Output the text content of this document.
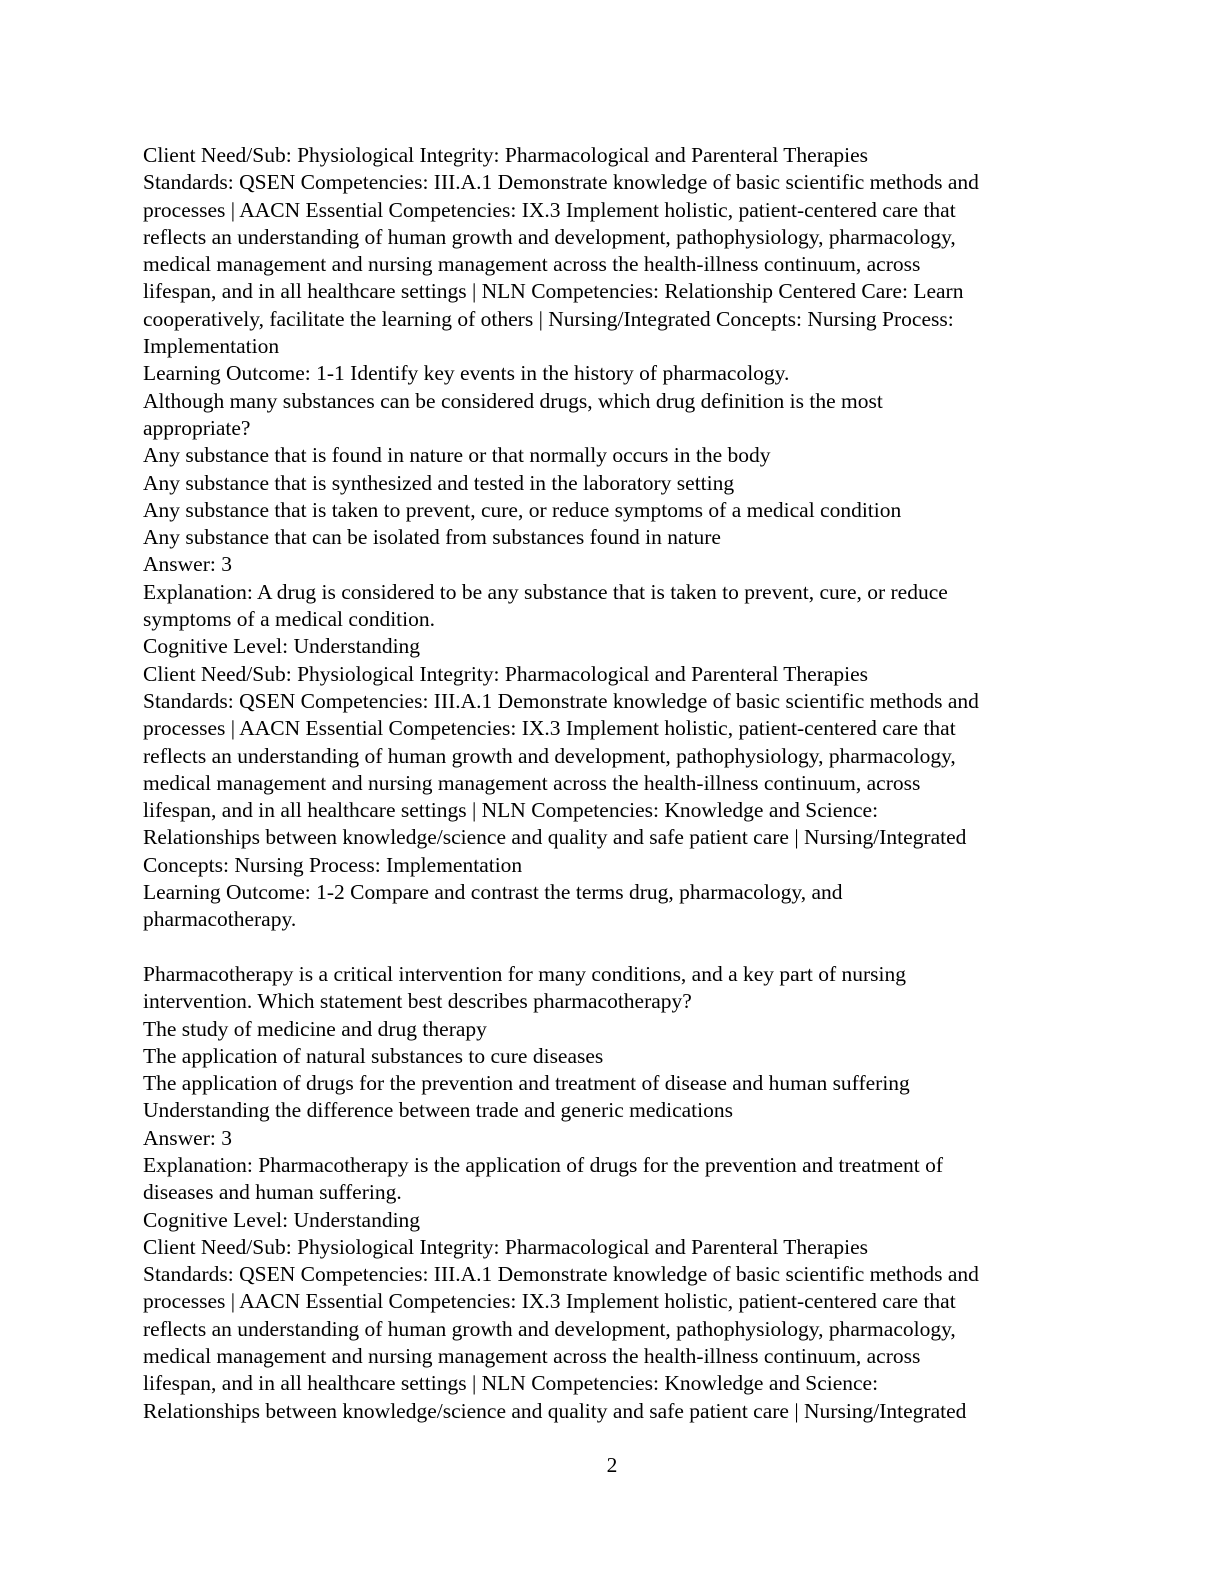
Client Need/Sub: Physiological Integrity: Pharmacological and Parenteral Therapies

Standards: QSEN Competencies: III.A.1 Demonstrate knowledge of basic scientific methods and

processes | AACN Essential Competencies: IX.3 Implement holistic, patient-centered care that

reflects an understanding of human growth and development, pathophysiology, pharmacology,

medical management and nursing management across the health-illness continuum, across

lifespan, and in all healthcare settings | NLN Competencies: Relationship Centered Care: Learn

cooperatively, facilitate the learning of others | Nursing/Integrated Concepts: Nursing Process:

Implementation

Learning Outcome: 1-1 Identify key events in the history of pharmacology.

Although many substances can be considered drugs, which drug definition is the most

appropriate?

Any substance that is found in nature or that normally occurs in the body

Any substance that is synthesized and tested in the laboratory setting

Any substance that is taken to prevent, cure, or reduce symptoms of a medical condition

Any substance that can be isolated from substances found in nature

Answer: 3

Explanation: A drug is considered to be any substance that is taken to prevent, cure, or reduce

symptoms of a medical condition.

Cognitive Level: Understanding

Client Need/Sub: Physiological Integrity: Pharmacological and Parenteral Therapies

Standards: QSEN Competencies: III.A.1 Demonstrate knowledge of basic scientific methods and

processes | AACN Essential Competencies: IX.3 Implement holistic, patient-centered care that

reflects an understanding of human growth and development, pathophysiology, pharmacology,

medical management and nursing management across the health-illness continuum, across

lifespan, and in all healthcare settings | NLN Competencies: Knowledge and Science:

Relationships between knowledge/science and quality and safe patient care | Nursing/Integrated

Concepts: Nursing Process: Implementation

Learning Outcome: 1-2 Compare and contrast the terms drug, pharmacology, and

pharmacotherapy.

Pharmacotherapy is a critical intervention for many conditions, and a key part of nursing

intervention. Which statement best describes pharmacotherapy?

The study of medicine and drug therapy

The application of natural substances to cure diseases

The application of drugs for the prevention and treatment of disease and human suffering

Understanding the difference between trade and generic medications

Answer: 3

Explanation: Pharmacotherapy is the application of drugs for the prevention and treatment of

diseases and human suffering.

Cognitive Level: Understanding

Client Need/Sub: Physiological Integrity: Pharmacological and Parenteral Therapies

Standards: QSEN Competencies: III.A.1 Demonstrate knowledge of basic scientific methods and

processes | AACN Essential Competencies: IX.3 Implement holistic, patient-centered care that

reflects an understanding of human growth and development, pathophysiology, pharmacology,

medical management and nursing management across the health-illness continuum, across

lifespan, and in all healthcare settings | NLN Competencies: Knowledge and Science:

Relationships between knowledge/science and quality and safe patient care | Nursing/Integrated

2
